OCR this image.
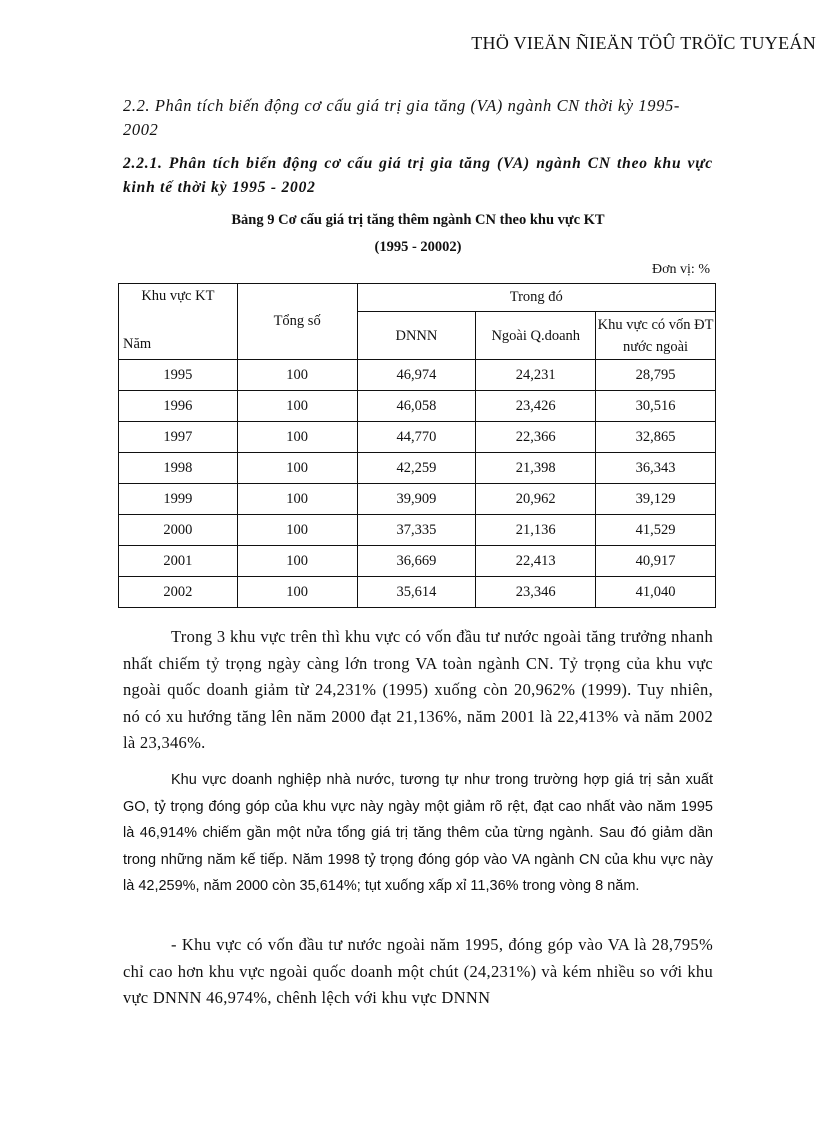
THÖ VIEÄN ÑIEÄN TÖÛ TRÖÏC TUYEÁN
2.2. Phân tích biến động cơ cấu giá trị gia tăng (VA) ngành CN thời kỳ 1995-2002
2.2.1. Phân tích biến động cơ cấu giá trị gia tăng (VA) ngành CN theo khu vực kinh tế thời kỳ 1995 - 2002
Bảng 9 Cơ cấu giá trị tăng thêm ngành CN theo khu vực KT
(1995 - 20002)
Đơn vị: %
Khu vực KT
Năm	Tổng số	Trong đó		
		DNNN	Ngoài Q.doanh	Khu vực có vốn ĐT nước ngoài
1995	100	46,974	24,231	28,795
1996	100	46,058	23,426	30,516
1997	100	44,770	22,366	32,865
1998	100	42,259	21,398	36,343
1999	100	39,909	20,962	39,129
2000	100	37,335	21,136	41,529
2001	100	36,669	22,413	40,917
2002	100	35,614	23,346	41,040
Trong 3 khu vực trên thì khu vực có vốn đầu tư nước ngoài tăng trưởng nhanh nhất chiếm tỷ trọng ngày càng lớn trong VA toàn ngành CN. Tỷ trọng của khu vực ngoài quốc doanh giảm từ 24,231% (1995) xuống còn 20,962% (1999). Tuy nhiên, nó có xu hướng tăng lên năm 2000 đạt 21,136%, năm 2001 là 22,413% và năm 2002 là 23,346%.
Khu vực doanh nghiệp nhà nước, tương tự như trong trường hợp giá trị sản xuất GO, tỷ trọng đóng góp của khu vực này ngày một giảm rõ rệt, đạt cao nhất vào năm 1995 là 46,914% chiếm gần một nửa tổng giá trị tăng thêm của từng ngành. Sau đó giảm dần trong những năm kế tiếp. Năm 1998 tỷ trọng đóng góp vào VA ngành CN của khu vực này là 42,259%, năm 2000 còn 35,614%; tụt xuống xấp xỉ 11,36% trong vòng 8 năm.
- Khu vực có vốn đầu tư nước ngoài năm 1995, đóng góp vào VA là 28,795% chỉ cao hơn khu vực ngoài quốc doanh một chút (24,231%) và kém nhiều so với khu vực DNNN 46,974%, chênh lệch với khu vực DNNN
